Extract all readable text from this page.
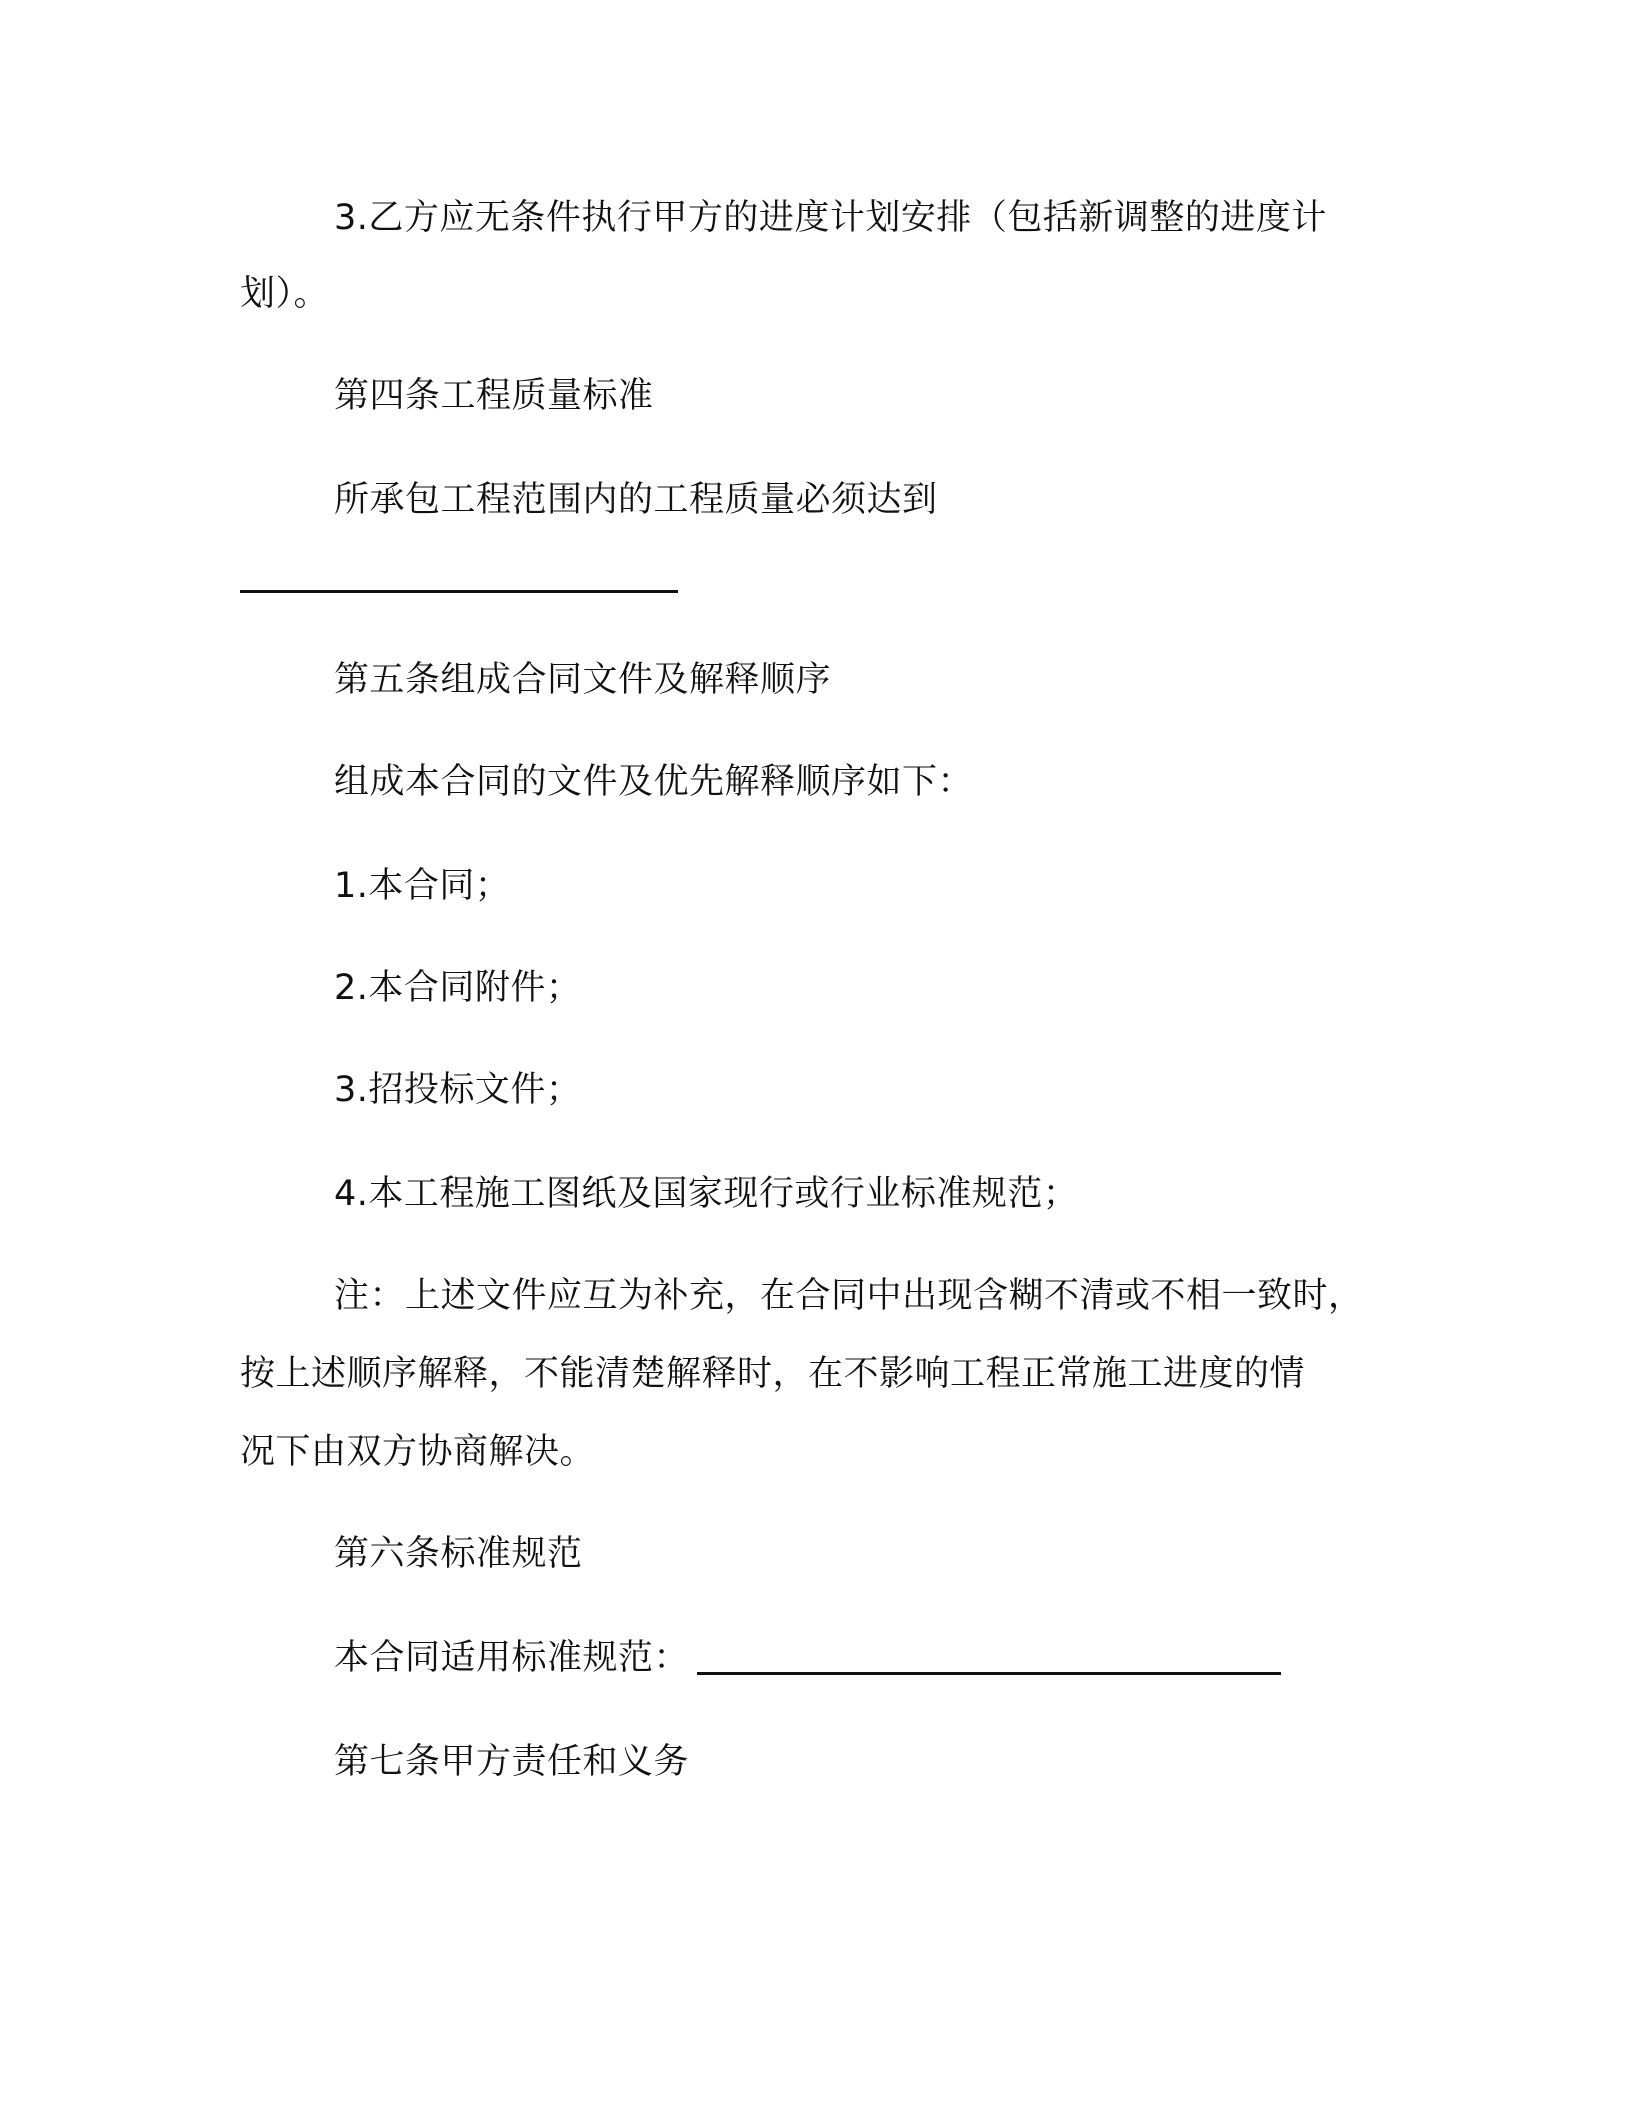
3.乙方应无条件执行甲方的进度计划安排（包括新调整的进度计
划）。
第四条工程质量标准
所承包工程范围内的工程质量必须达到
第五条组成合同文件及解释顺序
组成本合同的文件及优先解释顺序如下：
1.本合同；
2.本合同附件；
3.招投标文件；
4.本工程施工图纸及国家现行或行业标准规范；
注：上述文件应互为补充，在合同中出现含糊不清或不相一致时，
按上述顺序解释，不能清楚解释时，在不影响工程正常施工进度的情
况下由双方协商解决。
第六条标准规范
本合同适用标准规范：
第七条甲方责任和义务
